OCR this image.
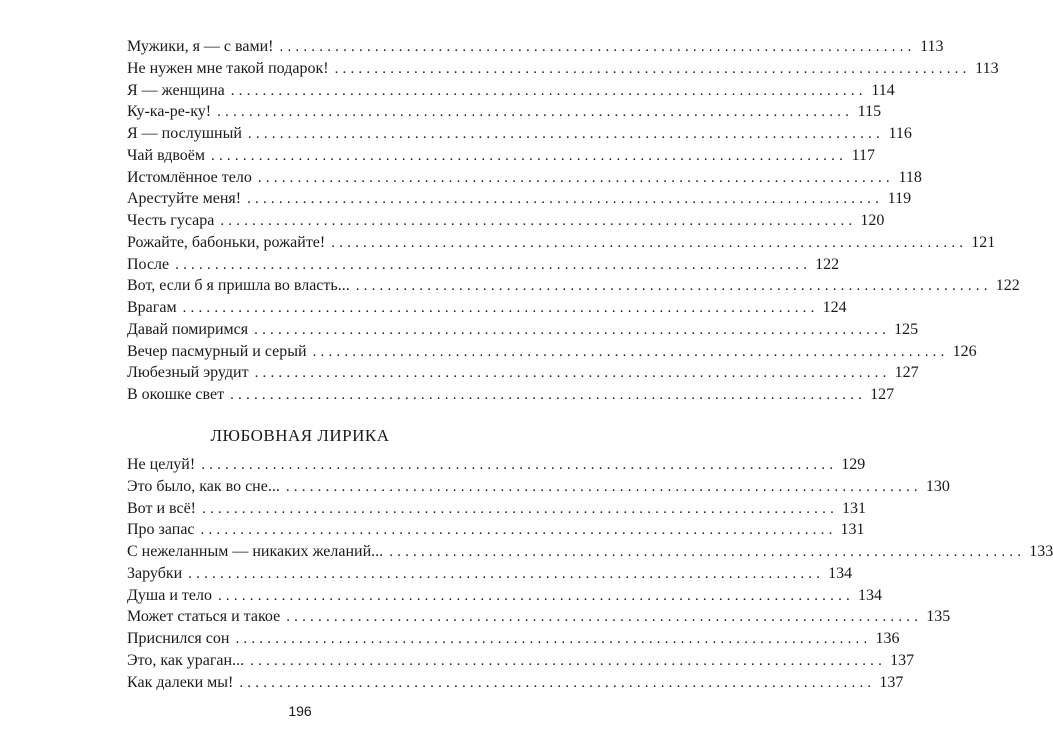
Мужики, я — с вами! ................................................................................ 113
Не нужен мне такой подарок! ................................................................................ 113
Я — женщина ................................................................................ 114
Ку-ка-ре-ку! ................................................................................ 115
Я — послушный ................................................................................ 116
Чай вдвоём ................................................................................ 117
Истомлённое тело ................................................................................ 118
Арестуйте меня! ................................................................................ 119
Честь гусара ................................................................................ 120
Рожайте, бабоньки, рожайте! ................................................................................ 121
После ................................................................................ 122
Вот, если б я пришла во власть... ................................................................................ 122
Врагам ................................................................................ 124
Давай помиримся ................................................................................ 125
Вечер пасмурный и серый ................................................................................ 126
Любезный эрудит ................................................................................ 127
В окошке свет ................................................................................ 127
ЛЮБОВНАЯ ЛИРИКА
Не целуй! ................................................................................ 129
Это было, как во сне... ................................................................................ 130
Вот и всё! ................................................................................ 131
Про запас ................................................................................ 131
С нежеланным — никаких желаний... ................................................................................ 133
Зарубки ................................................................................ 134
Душа и тело ................................................................................ 134
Может статься и такое ................................................................................ 135
Приснился сон ................................................................................ 136
Это, как ураган... ................................................................................ 137
Как далеки мы! ................................................................................ 137
196
